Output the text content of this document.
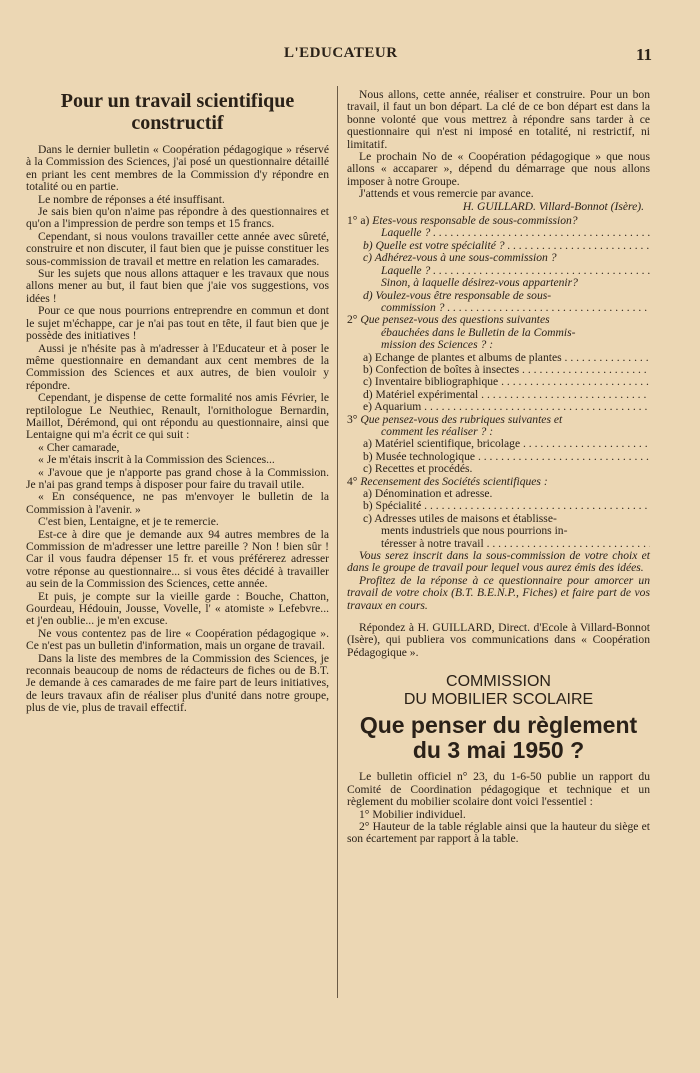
L'EDUCATEUR	11
Pour un travail scientifique constructif

Dans le dernier bulletin « Coopération pédagogique » réservé à la Commission des Sciences, j'ai posé un questionnaire détaillé en priant les cent membres de la Commission d'y répondre en totalité ou en partie.

Le nombre de réponses a été insuffisant.

Je sais bien qu'on n'aime pas répondre à des questionnaires et qu'on a l'impression de perdre son temps et 15 francs.

Cependant, si nous voulons travailler cette année avec sûreté, construire et non discuter, il faut bien que je puisse constituer les sous-commission de travail et mettre en relation les camarades.

Sur les sujets que nous allons attaquer e les travaux que nous allons mener au but, il faut bien que j'aie vos suggestions, vos idées !

Pour ce que nous pourrions entreprendre en commun et dont le sujet m'échappe, car je n'ai pas tout en tête, il faut bien que je possède des initiatives !

Aussi je n'hésite pas à m'adresser à l'Educateur et à poser le même questionnaire en demandant aux cent membres de la Commission des Sciences et aux autres, de bien vouloir y répondre.

Cependant, je dispense de cette formalité nos amis Février, le reptilologue Le Neuthiec, Renault, l'ornithologue Bernardin, Maillot, Dérémond, qui ont répondu au questionnaire, ainsi que Lentaigne qui m'a écrit ce qui suit :

« Cher camarade,

« Je m'étais inscrit à la Commission des Sciences...

« J'avoue que je n'apporte pas grand chose à la Commission. Je n'ai pas grand temps à disposer pour faire du travail utile.

« En conséquence, ne pas m'envoyer le bulletin de la Commission à l'avenir. »

C'est bien, Lentaigne, et je te remercie.

Est-ce à dire que je demande aux 94 autres membres de la Commission de m'adresser une lettre pareille ? Non ! bien sûr ! Car il vous faudra dépenser 15 fr. et vous préférerez adresser votre réponse au questionnaire... si vous êtes décidé à travailler au sein de la Commission des Sciences, cette année.

Et puis, je compte sur la vieille garde : Bouche, Chatton, Gourdeau, Hédouin, Jousse, Vovelle, l' « atomiste » Lefebvre... et j'en oublie... je m'en excuse.

Ne vous contentez pas de lire « Coopération pédagogique ». Ce n'est pas un bulletin d'information, mais un organe de travail.

Dans la liste des membres de la Commission des Sciences, je reconnais beaucoup de noms de rédacteurs de fiches ou de B.T. Je demande à ces camarades de me faire part de leurs initiatives, de leurs travaux afin de réaliser plus d'unité dans notre groupe, plus de vie, plus de travail effectif.

Nous allons, cette année, réaliser et construire. Pour un bon travail, il faut un bon départ. La clé de ce bon départ est dans la bonne volonté que vous mettrez à répondre sans tarder à ce questionnaire qui n'est ni imposé en totalité, ni restrictif, ni limitatif.

Le prochain No de « Coopération pédagogique » que nous allons « accaparer », dépend du démarrage que nous allons imposer à notre Groupe.

J'attends et vous remercie par avance.

H. GUILLARD. Villard-Bonnot (Isère).
1° a)
Etes-vous responsable de sous-commission?
Laquelle ? . . .
b) Quelle est votre spécialité ? . . .
c) Adhérez-vous à une sous-commission ?
Laquelle ? . . .
Sinon, à laquelle désirez-vous appartenir?
d) Voulez-vous être responsable de sous-
commission ? . . .
2°
Que pensez-vous des questions suivantes
ébauchées dans le Bulletin de la Commis-
mission des Sciences ? :
a) Echange de plantes et albums de plantes . . .
b) Confection de boîtes à insectes . . .
c) Inventaire bibliographique . . .
d) Matériel expérimental . . .
e) Aquarium . . .
3°
Que pensez-vous des rubriques suivantes et
comment les réaliser ? :
a) Matériel scientifique, bricolage . . .
b) Musée technologique . . .
c) Recettes et procédés.
4°
Recensement des Sociétés scientifiques :
a) Dénomination et adresse.
b) Spécialité . . .
c) Adresses utiles de maisons et établisse-
ments industriels que nous pourrions in-
téresser à notre travail . . .

Vous serez inscrit dans la sous-commission de votre choix et dans le groupe de travail pour lequel vous aurez émis des idées.

Profitez de la réponse à ce questionnaire pour amorcer un travail de votre choix (B.T. B.E.N.P., Fiches) et faire part de vos travaux en cours.

Répondez à H. GUILLARD, Direct. d'Ecole à Villard-Bonnot (Isère), qui publiera vos communications dans « Coopération Pédagogique ».

COMMISSION
DU MOBILIER SCOLAIRE
Que penser du règlement
du 3 mai 1950 ?

Le bulletin officiel n° 23, du 1-6-50 publie un rapport du Comité de Coordination pédagogique et technique et un règlement du mobilier scolaire dont voici l'essentiel :

1° Mobilier individuel.

2° Hauteur de la table réglable ainsi que la hauteur du siège et son écartement par rapport à la table.
